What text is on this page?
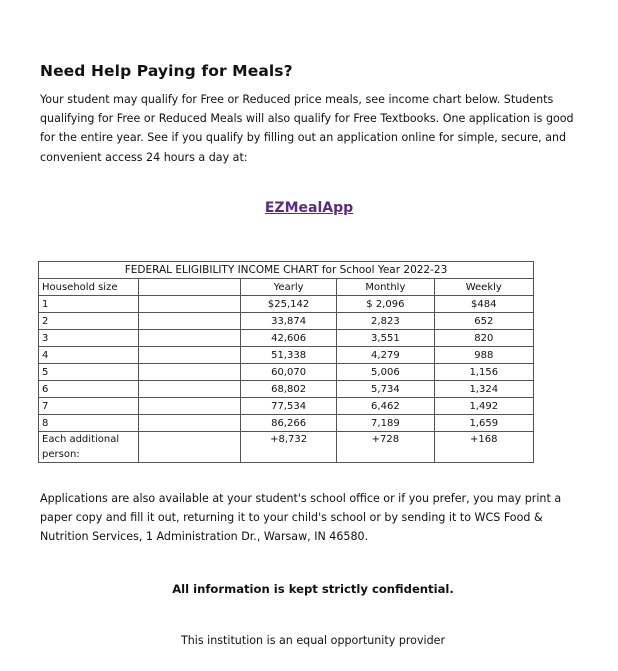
Need Help Paying for Meals?

Your student may qualify for Free or Reduced price meals, see income chart below. Students qualifying for Free or Reduced Meals will also qualify for Free Textbooks. One application is good for the entire year. See if you qualify by filling out an application online for simple, secure, and convenient access 24 hours a day at:

EZMealApp
FEDERAL ELIGIBILITY INCOME CHART for School Year 2022-23				
Household size		Yearly	Monthly	Weekly
1		$25,142	$ 2,096	$484
2		33,874	2,823	652
3		42,606	3,551	820
4		51,338	4,279	988
5		60,070	5,006	1,156
6		68,802	5,734	1,324
7		77,534	6,462	1,492
8		86,266	7,189	1,659
Each additional person:		+8,732	+728	+168

Applications are also available at your student's school office or if you prefer, you may print a paper copy and fill it out, returning it to your child's school or by sending it to WCS Food & Nutrition Services, 1 Administration Dr., Warsaw, IN 46580.

All information is kept strictly confidential.
This institution is an equal opportunity provider
